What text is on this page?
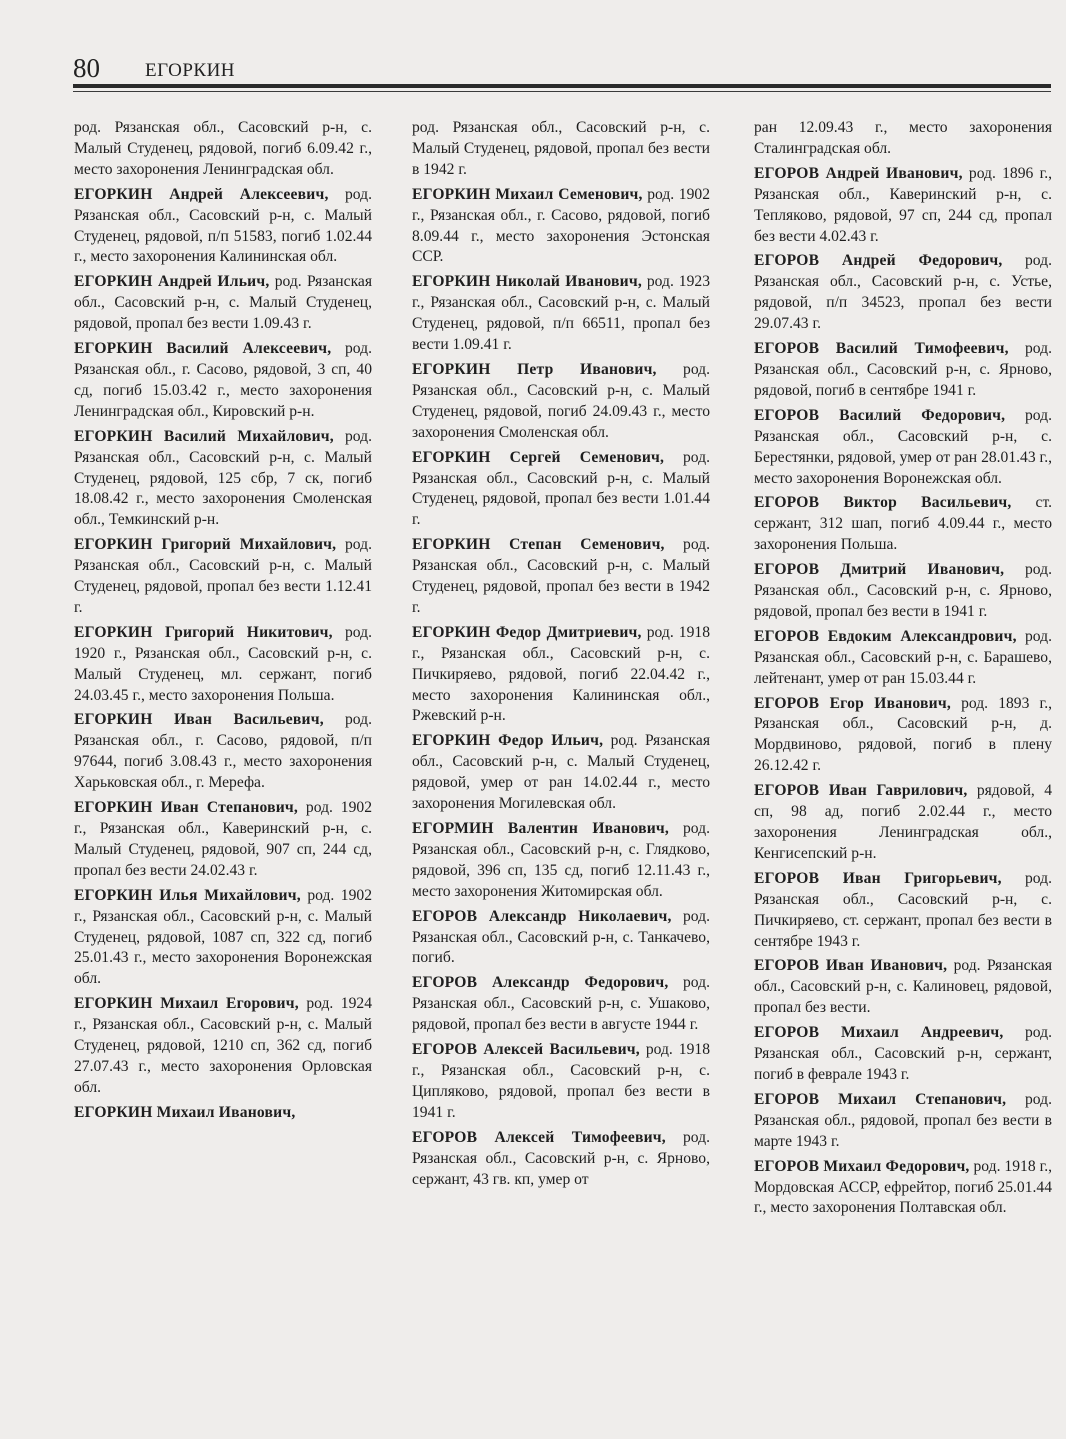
80 ЕГОРКИН

род. Рязанская обл., Сасовский р-н, с. Малый Студенец, рядовой, погиб 6.09.42 г., место захоронения Ленинградская обл.

ЕГОРКИН Андрей Алексеевич, род. Рязанская обл., Сасовский р-н, с. Малый Студенец, рядовой, п/п 51583, погиб 1.02.44 г., место захоронения Калининская обл.

ЕГОРКИН Андрей Ильич, род. Рязанская обл., Сасовский р-н, с. Малый Студенец, рядовой, пропал без вести 1.09.43 г.

ЕГОРКИН Василий Алексеевич, род. Рязанская обл., г. Сасово, рядовой, 3 сп, 40 сд, погиб 15.03.42 г., место захоронения Ленинградская обл., Кировский р-н.

ЕГОРКИН Василий Михайлович, род. Рязанская обл., Сасовский р-н, с. Малый Студенец, рядовой, 125 сбр, 7 ск, погиб 18.08.42 г., место захоронения Смоленская обл., Темкинский р-н.

ЕГОРКИН Григорий Михайлович, род. Рязанская обл., Сасовский р-н, с. Малый Студенец, рядовой, пропал без вести 1.12.41 г.

ЕГОРКИН Григорий Никитович, род. 1920 г., Рязанская обл., Сасовский р-н, с. Малый Студенец, мл. сержант, погиб 24.03.45 г., место захоронения Польша.

ЕГОРКИН Иван Васильевич, род. Рязанская обл., г. Сасово, рядовой, п/п 97644, погиб 3.08.43 г., место захоронения Харьковская обл., г. Мерефа.

ЕГОРКИН Иван Степанович, род. 1902 г., Рязанская обл., Каверинский р-н, с. Малый Студенец, рядовой, 907 сп, 244 сд, пропал без вести 24.02.43 г.

ЕГОРКИН Илья Михайлович, род. 1902 г., Рязанская обл., Сасовский р-н, с. Малый Студенец, рядовой, 1087 сп, 322 сд, погиб 25.01.43 г., место захоронения Воронежская обл.

ЕГОРКИН Михаил Егорович, род. 1924 г., Рязанская обл., Сасовский р-н, с. Малый Студенец, рядовой, 1210 сп, 362 сд, погиб 27.07.43 г., место захоронения Орловская обл.

ЕГОРКИН Михаил Иванович,

род. Рязанская обл., Сасовский р-н, с. Малый Студенец, рядовой, пропал без вести в 1942 г.

ЕГОРКИН Михаил Семенович, род. 1902 г., Рязанская обл., г. Сасово, рядовой, погиб 8.09.44 г., место захоронения Эстонская ССР.

ЕГОРКИН Николай Иванович, род. 1923 г., Рязанская обл., Сасовский р-н, с. Малый Студенец, рядовой, п/п 66511, пропал без вести 1.09.41 г.

ЕГОРКИН Петр Иванович, род. Рязанская обл., Сасовский р-н, с. Малый Студенец, рядовой, погиб 24.09.43 г., место захоронения Смоленская обл.

ЕГОРКИН Сергей Семенович, род. Рязанская обл., Сасовский р-н, с. Малый Студенец, рядовой, пропал без вести 1.01.44 г.

ЕГОРКИН Степан Семенович, род. Рязанская обл., Сасовский р-н, с. Малый Студенец, рядовой, пропал без вести в 1942 г.

ЕГОРКИН Федор Дмитриевич, род. 1918 г., Рязанская обл., Сасовский р-н, с. Пичкиряево, рядовой, погиб 22.04.42 г., место захоронения Калининская обл., Ржевский р-н.

ЕГОРКИН Федор Ильич, род. Рязанская обл., Сасовский р-н, с. Малый Студенец, рядовой, умер от ран 14.02.44 г., место захоронения Могилевская обл.

ЕГОРМИН Валентин Иванович, род. Рязанская обл., Сасовский р-н, с. Глядково, рядовой, 396 сп, 135 сд, погиб 12.11.43 г., место захоронения Житомирская обл.

ЕГОРОВ Александр Николаевич, род. Рязанская обл., Сасовский р-н, с. Танкачево, погиб.

ЕГОРОВ Александр Федорович, род. Рязанская обл., Сасовский р-н, с. Ушаково, рядовой, пропал без вести в августе 1944 г.

ЕГОРОВ Алексей Васильевич, род. 1918 г., Рязанская обл., Сасовский р-н, с. Ципляково, рядовой, пропал без вести в 1941 г.

ЕГОРОВ Алексей Тимофеевич, род. Рязанская обл., Сасовский р-н, с. Ярново, сержант, 43 гв. кп, умер от

ран 12.09.43 г., место захоронения Сталинградская обл.

ЕГОРОВ Андрей Иванович, род. 1896 г., Рязанская обл., Каверинский р-н, с. Тепляково, рядовой, 97 сп, 244 сд, пропал без вести 4.02.43 г.

ЕГОРОВ Андрей Федорович, род. Рязанская обл., Сасовский р-н, с. Устье, рядовой, п/п 34523, пропал без вести 29.07.43 г.

ЕГОРОВ Василий Тимофеевич, род. Рязанская обл., Сасовский р-н, с. Ярново, рядовой, погиб в сентябре 1941 г.

ЕГОРОВ Василий Федорович, род. Рязанская обл., Сасовский р-н, с. Берестянки, рядовой, умер от ран 28.01.43 г., место захоронения Воронежская обл.

ЕГОРОВ Виктор Васильевич, ст. сержант, 312 шап, погиб 4.09.44 г., место захоронения Польша.

ЕГОРОВ Дмитрий Иванович, род. Рязанская обл., Сасовский р-н, с. Ярново, рядовой, пропал без вести в 1941 г.

ЕГОРОВ Евдоким Александрович, род. Рязанская обл., Сасовский р-н, с. Барашево, лейтенант, умер от ран 15.03.44 г.

ЕГОРОВ Егор Иванович, род. 1893 г., Рязанская обл., Сасовский р-н, д. Мордвиново, рядовой, погиб в плену 26.12.42 г.

ЕГОРОВ Иван Гаврилович, рядовой, 4 сп, 98 ад, погиб 2.02.44 г., место захоронения Ленинградская обл., Кенгисепский р-н.

ЕГОРОВ Иван Григорьевич, род. Рязанская обл., Сасовский р-н, с. Пичкиряево, ст. сержант, пропал без вести в сентябре 1943 г.

ЕГОРОВ Иван Иванович, род. Рязанская обл., Сасовский р-н, с. Калиновец, рядовой, пропал без вести.

ЕГОРОВ Михаил Андреевич, род. Рязанская обл., Сасовский р-н, сержант, погиб в феврале 1943 г.

ЕГОРОВ Михаил Степанович, род. Рязанская обл., рядовой, пропал без вести в марте 1943 г.

ЕГОРОВ Михаил Федорович, род. 1918 г., Мордовская АССР, ефрейтор, погиб 25.01.44 г., место захоронения Полтавская обл.
